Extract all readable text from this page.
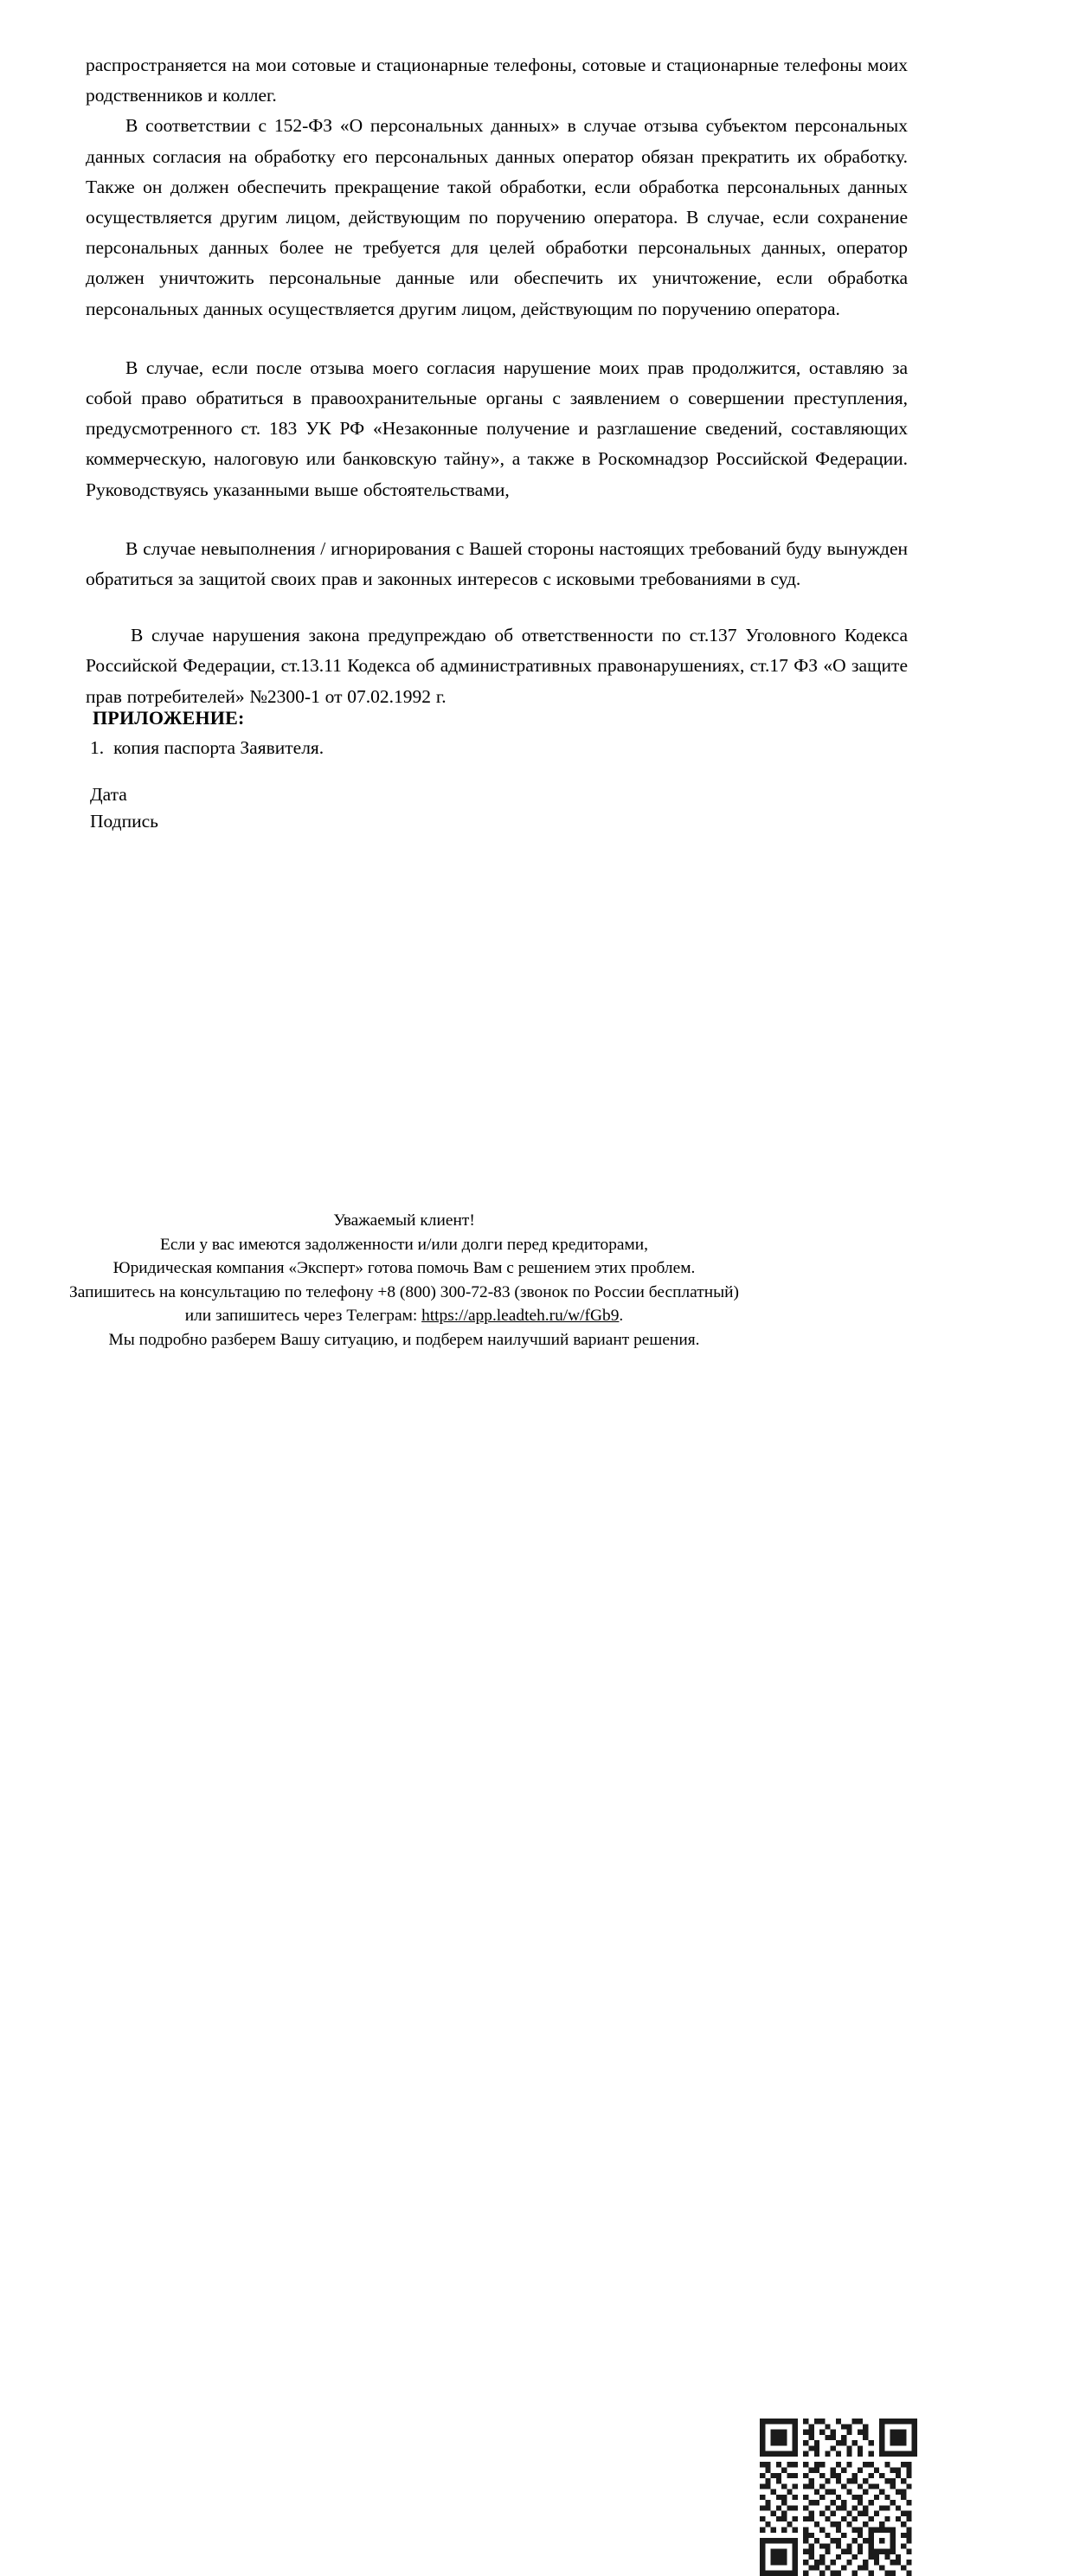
распространяется на мои сотовые и стационарные телефоны, сотовые и стационарные телефоны моих родственников и коллег.

В соответствии с 152-ФЗ «О персональных данных» в случае отзыва субъектом персональных данных согласия на обработку его персональных данных оператор обязан прекратить их обработку. Также он должен обеспечить прекращение такой обработки, если обработка персональных данных осуществляется другим лицом, действующим по поручению оператора. В случае, если сохранение персональных данных более не требуется для целей обработки персональных данных, оператор должен уничтожить персональные данные или обеспечить их уничтожение, если обработка персональных данных осуществляется другим лицом, действующим по поручению оператора.

В случае, если после отзыва моего согласия нарушение моих прав продолжится, оставляю за собой право обратиться в правоохранительные органы с заявлением о совершении преступления, предусмотренного ст. 183 УК РФ «Незаконные получение и разглашение сведений, составляющих коммерческую, налоговую или банковскую тайну», а также в Роскомнадзор Российской Федерации. Руководствуясь указанными выше обстоятельствами,

В случае невыполнения / игнорирования с Вашей стороны настоящих требований буду вынужден обратиться за защитой своих прав и законных интересов с исковыми требованиями в суд.

В случае нарушения закона предупреждаю об ответственности по ст.137 Уголовного Кодекса Российской Федерации, ст.13.11 Кодекса об административных правонарушениях, ст.17 ФЗ «О защите прав потребителей» №2300-1 от 07.02.1992 г.

ПРИЛОЖЕНИЕ:
1. копия паспорта Заявителя.

Дата

Подпись

Уважаемый клиент!

Если у вас имеются задолженности и/или долги перед кредиторами,

Юридическая компания «Эксперт» готова помочь Вам с решением этих проблем.

Запишитесь на консультацию по телефону +8 (800) 300-72-83 (звонок по России бесплатный)

или запишитесь через Телеграм: https://app.leadteh.ru/w/fGb9.

Мы подробно разберем Вашу ситуацию, и подберем наилучший вариант решения.
